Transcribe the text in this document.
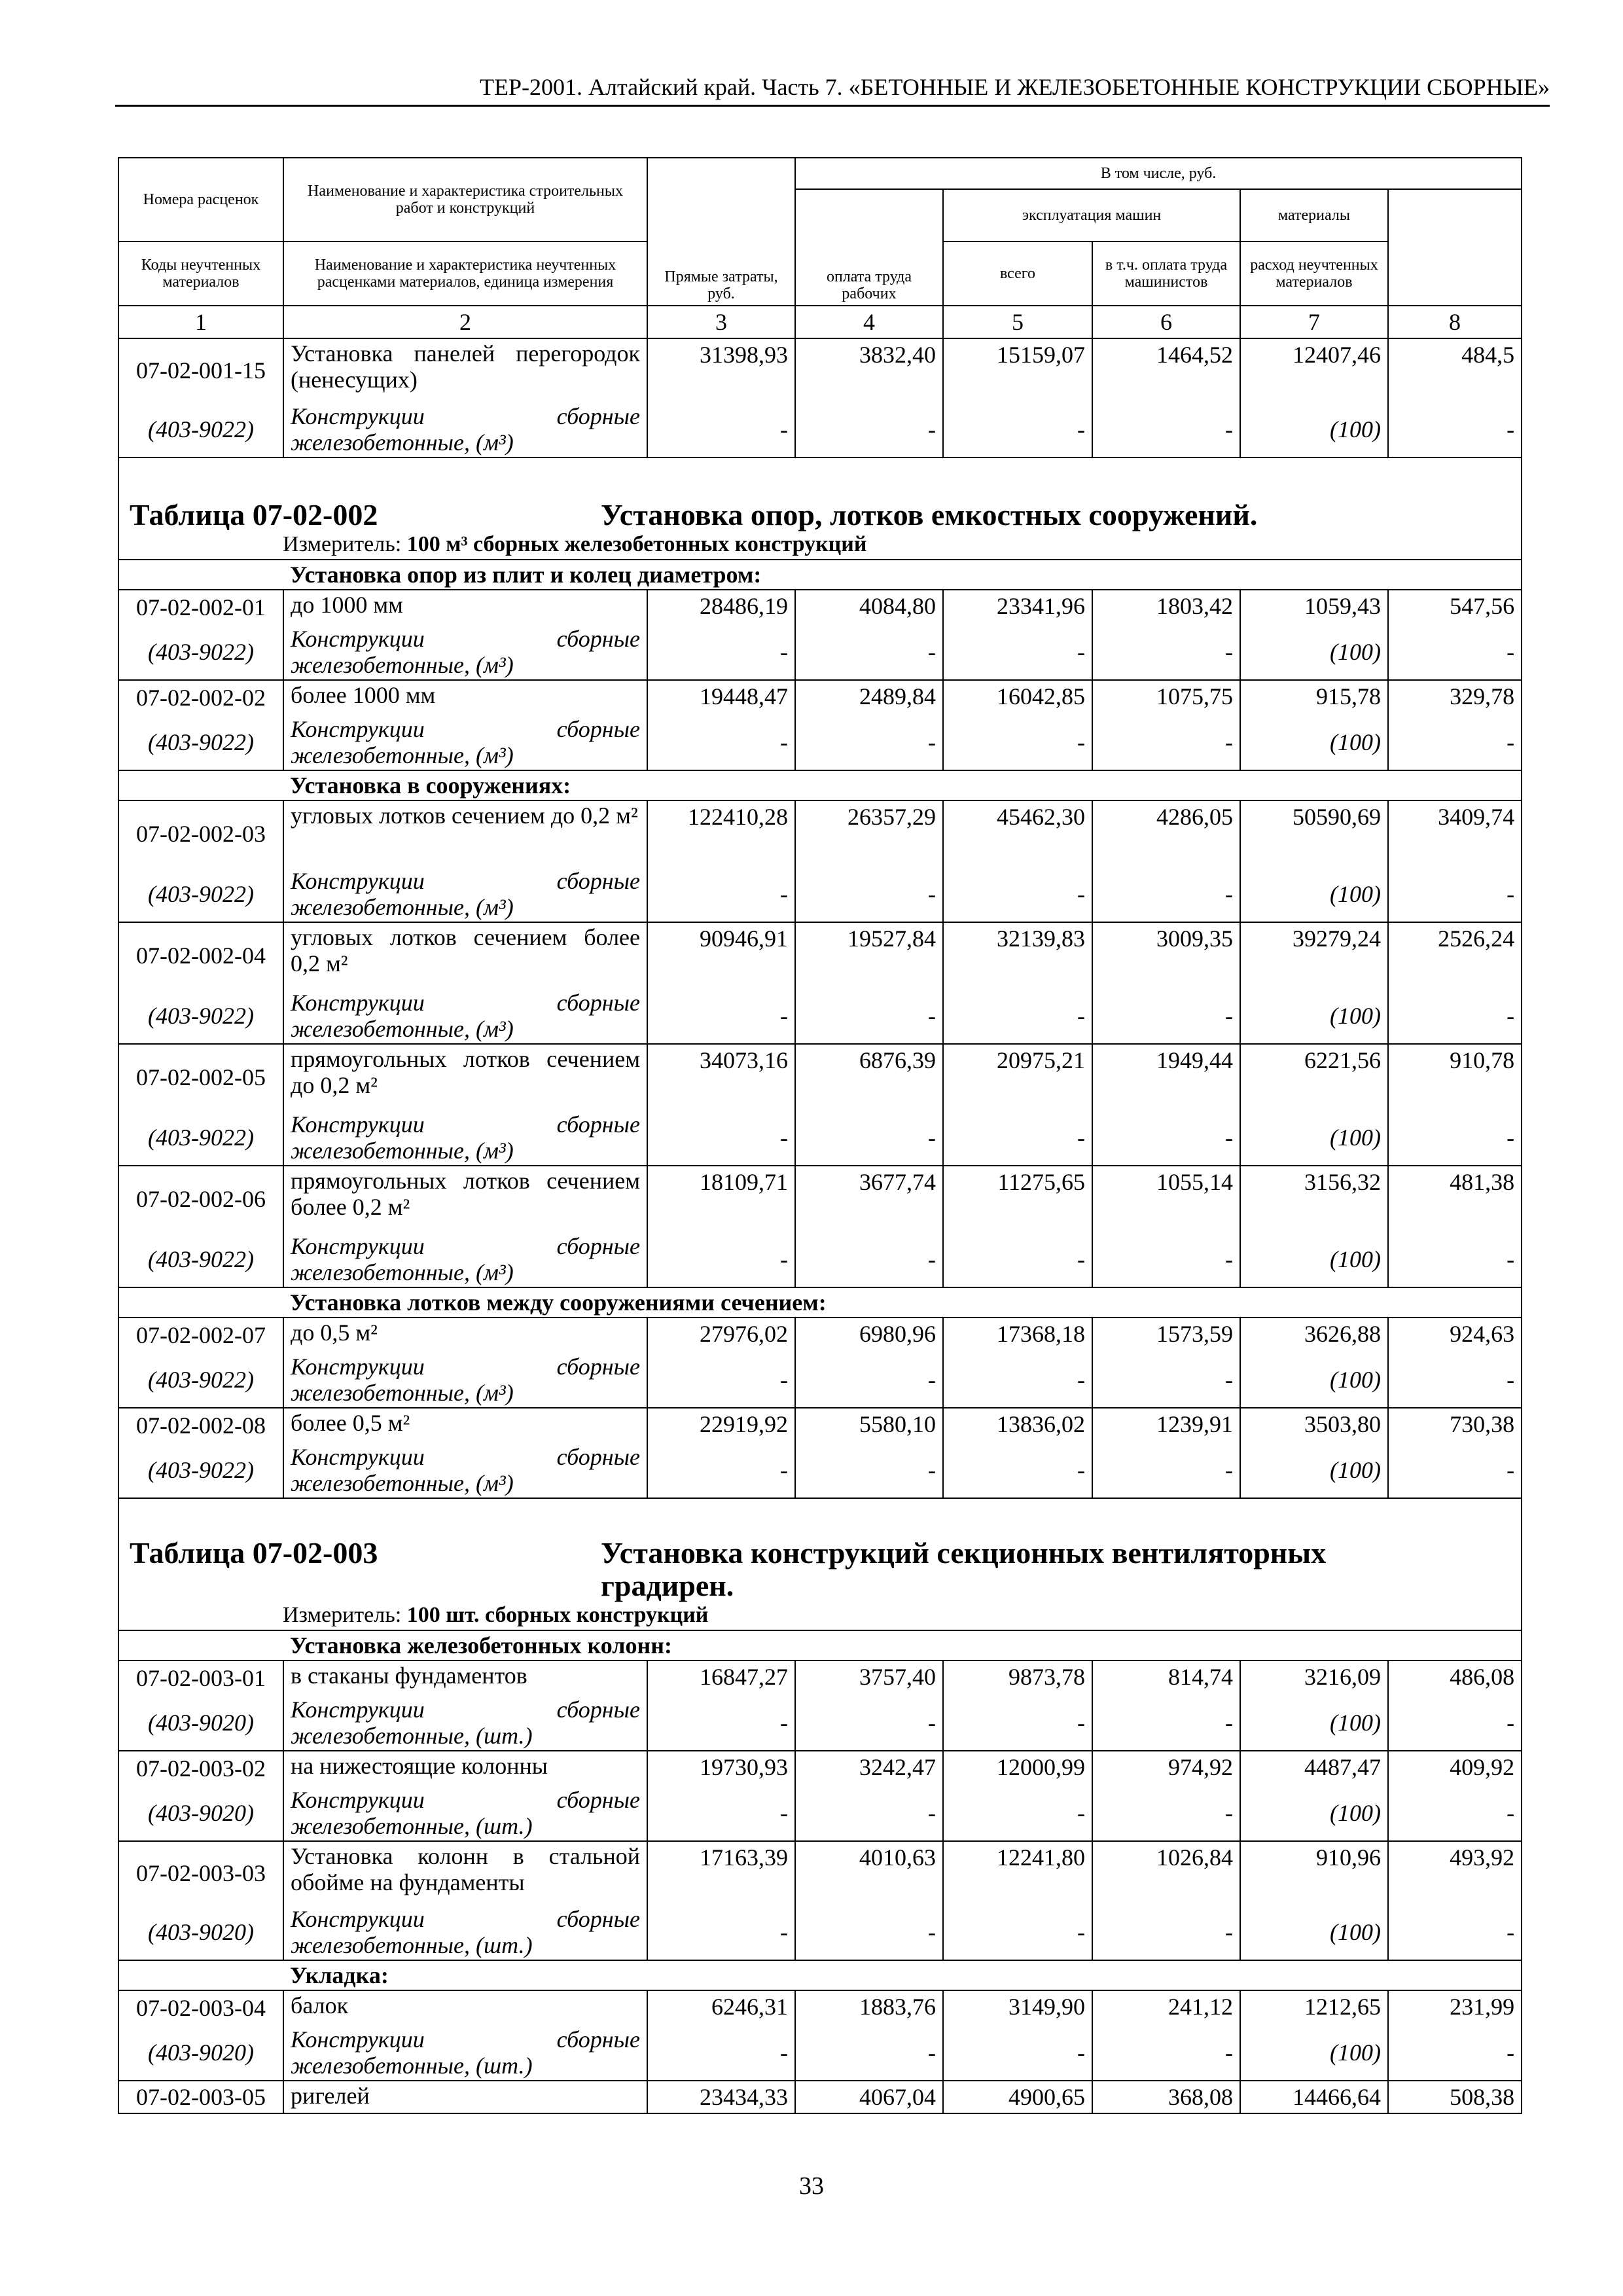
ТЕР-2001. Алтайский край. Часть 7. «БЕТОННЫЕ И ЖЕЛЕЗОБЕТОННЫЕ КОНСТРУКЦИИ СБОРНЫЕ»
Номера расценок	Наименование и характеристика строительных работ и конструкций	Прямые затраты, руб.	В том числе, руб.	
			оплата труда рабочих	эксплуатация машин		материалы		
Коды неучтенных материалов	Наименование и характеристика неучтенных расценками материалов, единица измерения			всего	в т.ч. оплата труда машинистов	расход неучтенных материалов		
1	2	3	4	5	6	7	8	
07-02-001-15	Установка панелей перегородок (ненесущих)	31398,93	3832,40	15159,07	1464,52	12407,46	484,5	
(403-9022)	Конструкции сборные железобетонные, (м³)	-	-	-	-	(100)	-	
Таблица 07-02-002 Установка опор, лотков емкостных сооружений.
Измеритель: 100 м³ сборных железобетонных конструкций								

	Установка опор из плит и колец диаметром:							
07-02-002-01	до 1000 мм	28486,19	4084,80	23341,96	1803,42	1059,43	547,56	
(403-9022)	Конструкции сборные железобетонные, (м³)	-	-	-	-	(100)	-	
07-02-002-02	более 1000 мм	19448,47	2489,84	16042,85	1075,75	915,78	329,78	
(403-9022)	Конструкции сборные железобетонные, (м³)	-	-	-	-	(100)	-	
	Установка в сооружениях:							
07-02-002-03	угловых лотков сечением до 0,2 м²	122410,28	26357,29	45462,30	4286,05	50590,69	3409,74	
(403-9022)	Конструкции сборные железобетонные, (м³)	-	-	-	-	(100)	-	
07-02-002-04	угловых лотков сечением более 0,2 м²	90946,91	19527,84	32139,83	3009,35	39279,24	2526,24	
(403-9022)	Конструкции сборные железобетонные, (м³)	-	-	-	-	(100)	-	
07-02-002-05	прямоугольных лотков сечением до 0,2 м²	34073,16	6876,39	20975,21	1949,44	6221,56	910,78	
(403-9022)	Конструкции сборные железобетонные, (м³)	-	-	-	-	(100)	-	
07-02-002-06	прямоугольных лотков сечением более 0,2 м²	18109,71	3677,74	11275,65	1055,14	3156,32	481,38	
(403-9022)	Конструкции сборные железобетонные, (м³)	-	-	-	-	(100)	-	
	Установка лотков между сооружениями сечением:							
07-02-002-07	до 0,5 м²	27976,02	6980,96	17368,18	1573,59	3626,88	924,63	
(403-9022)	Конструкции сборные железобетонные, (м³)	-	-	-	-	(100)	-	
07-02-002-08	более 0,5 м²	22919,92	5580,10	13836,02	1239,91	3503,80	730,38	
(403-9022)	Конструкции сборные железобетонные, (м³)	-	-	-	-	(100)	-	
Таблица 07-02-003 Установка конструкций секционных вентиляторных градирен.
Измеритель: 100 шт. сборных конструкций								

	Установка железобетонных колонн:							
07-02-003-01	в стаканы фундаментов	16847,27	3757,40	9873,78	814,74	3216,09	486,08	
(403-9020)	Конструкции сборные железобетонные, (шт.)	-	-	-	-	(100)	-	
07-02-003-02	на нижестоящие колонны	19730,93	3242,47	12000,99	974,92	4487,47	409,92	
(403-9020)	Конструкции сборные железобетонные, (шт.)	-	-	-	-	(100)	-	
07-02-003-03	Установка колонн в стальной обойме на фундаменты	17163,39	4010,63	12241,80	1026,84	910,96	493,92	
(403-9020)	Конструкции сборные железобетонные, (шт.)	-	-	-	-	(100)	-	
	Укладка:							
07-02-003-04	балок	6246,31	1883,76	3149,90	241,12	1212,65	231,99	
(403-9020)	Конструкции сборные железобетонные, (шт.)	-	-	-	-	(100)	-	
07-02-003-05	ригелей	23434,33	4067,04	4900,65	368,08	14466,64	508,38	
33
